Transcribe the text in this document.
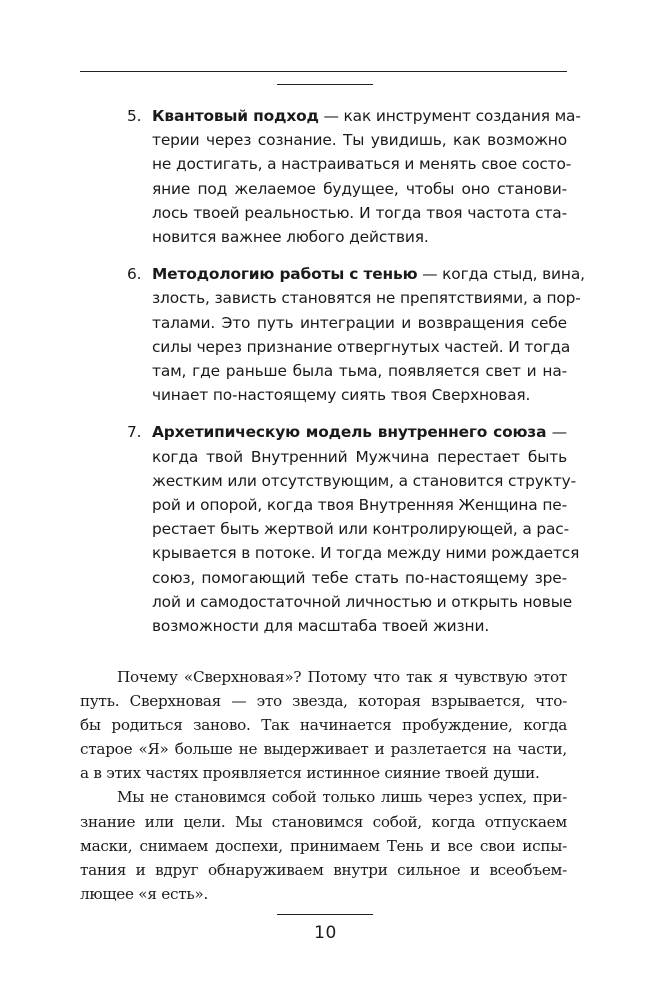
5. Квантовый подход — как инструмент создания ма-
терии через сознание. Ты увидишь, как возможно
не достигать, а настраиваться и менять свое состо-
яние под желаемое будущее, чтобы оно станови-
лось твоей реальностью. И тогда твоя частота ста-
новится важнее любого действия.
6. Методологию работы с тенью — когда стыд, вина,
злость, зависть становятся не препятствиями, а пор-
талами. Это путь интеграции и возвращения себе
силы через признание отвергнутых частей. И тогда
там, где раньше была тьма, появляется свет и на-
чинает по-настоящему сиять твоя Сверхновая.
7. Архетипическую модель внутреннего союза —
когда твой Внутренний Мужчина перестает быть
жестким или отсутствующим, а становится структу-
рой и опорой, когда твоя Внутренняя Женщина пе-
рестает быть жертвой или контролирующей, а рас-
крывается в потоке. И тогда между ними рождается
союз, помогающий тебе стать по-настоящему зре-
лой и самодостаточной личностью и открыть новые
возможности для масштаба твоей жизни.
Почему «Сверхновая»? Потому что так я чувствую этот
путь. Сверхновая — это звезда, которая взрывается, что-
бы родиться заново. Так начинается пробуждение, когда
старое «Я» больше не выдерживает и разлетается на части,
а в этих частях проявляется истинное сияние твоей души.
Мы не становимся собой только лишь через успех, при-
знание или цели. Мы становимся собой, когда отпускаем
маски, снимаем доспехи, принимаем Тень и все свои испы-
тания и вдруг обнаруживаем внутри сильное и всеобъем-
лющее «я есть».
10
